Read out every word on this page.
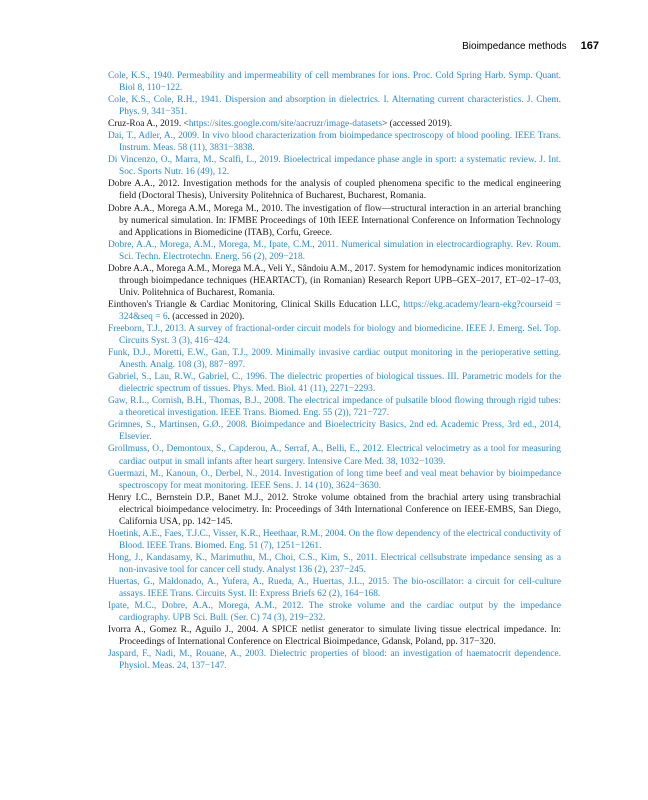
Bioimpedance methods 167

Cole, K.S., 1940. Permeability and impermeability of cell membranes for ions. Proc. Cold Spring Harb. Symp. Quant. Biol 8, 110−122.

Cole, K.S., Cole, R.H., 1941. Dispersion and absorption in dielectrics. I. Alternating current characteristics. J. Chem. Phys. 9, 341−351.

Cruz-Roa A., 2019. <https://sites.google.com/site/aacruzr/image-datasets> (accessed 2019).

Dai, T., Adler, A., 2009. In vivo blood characterization from bioimpedance spectroscopy of blood pooling. IEEE Trans. Instrum. Meas. 58 (11), 3831−3838.

Di Vincenzo, O., Marra, M., Scalfi, L., 2019. Bioelectrical impedance phase angle in sport: a systematic review. J. Int. Soc. Sports Nutr. 16 (49), 12.

Dobre A.A., 2012. Investigation methods for the analysis of coupled phenomena specific to the medical engineering field (Doctoral Thesis), University Politehnica of Bucharest, Bucharest, Romania.

Dobre A.A., Morega A.M., Morega M., 2010. The investigation of flow—structural interaction in an arterial branching by numerical simulation. In: IFMBE Proceedings of 10th IEEE International Conference on Information Technology and Applications in Biomedicine (ITAB), Corfu, Greece.

Dobre, A.A., Morega, A.M., Morega, M., Ipate, C.M., 2011. Numerical simulation in electrocardiography. Rev. Roum. Sci. Techn. Electrotechn. Energ. 56 (2), 209−218.

Dobre A.A., Morega A.M., Morega M.A., Veli Y., Sândoiu A.M., 2017. System for hemodynamic indices monitorization through bioimpedance techniques (HEARTACT), (in Romanian) Research Report UPB–GEX–2017, ET–02–17–03, Univ. Politehnica of Bucharest, Romania.

Einthoven's Triangle & Cardiac Monitoring, Clinical Skills Education LLC, https://ekg.academy/learn-ekg?courseid = 324&seq = 6. (accessed in 2020).

Freeborn, T.J., 2013. A survey of fractional-order circuit models for biology and biomedicine. IEEE J. Emerg. Sel. Top. Circuits Syst. 3 (3), 416−424.

Funk, D.J., Moretti, E.W., Gan, T.J., 2009. Minimally invasive cardiac output monitoring in the perioperative setting. Anesth. Analg. 108 (3), 887−897.

Gabriel, S., Lau, R.W., Gabriel, C., 1996. The dielectric properties of biological tissues. III. Parametric models for the dielectric spectrum of tissues. Phys. Med. Biol. 41 (11), 2271−2293.

Gaw, R.L., Cornish, B.H., Thomas, B.J., 2008. The electrical impedance of pulsatile blood flowing through rigid tubes: a theoretical investigation. IEEE Trans. Biomed. Eng. 55 (2)), 721−727.

Grimnes, S., Martinsen, G.Ø., 2008. Bioimpedance and Bioelectricity Basics, 2nd ed. Academic Press, 3rd ed., 2014, Elsevier.

Grollmuss, O., Demontoux, S., Capderou, A., Serraf, A., Belli, E., 2012. Electrical velocimetry as a tool for measuring cardiac output in small infants after heart surgery. Intensive Care Med. 38, 1032−1039.

Guermazi, M., Kanoun, O., Derbel, N., 2014. Investigation of long time beef and veal meat behavior by bioimpedance spectroscopy for meat monitoring. IEEE Sens. J. 14 (10), 3624−3630.

Henry I.C., Bernstein D.P., Banet M.J., 2012. Stroke volume obtained from the brachial artery using transbrachial electrical bioimpedance velocimetry. In: Proceedings of 34th International Conference on IEEE-EMBS, San Diego, California USA, pp. 142−145.

Hoetink, A.E., Faes, T.J.C., Visser, K.R., Heethaar, R.M., 2004. On the flow dependency of the electrical conductivity of Blood. IEEE Trans. Biomed. Eng. 51 (7), 1251−1261.

Hong, J., Kandasamy, K., Marimuthu, M., Choi, C.S., Kim, S., 2011. Electrical cellsubstrate impedance sensing as a non-invasive tool for cancer cell study. Analyst 136 (2), 237−245.

Huertas, G., Maldonado, A., Yufera, A., Rueda, A., Huertas, J.L., 2015. The bio-oscillator: a circuit for cell-culture assays. IEEE Trans. Circuits Syst. II: Express Briefs 62 (2), 164−168.

Ipate, M.C., Dobre, A.A., Morega, A.M., 2012. The stroke volume and the cardiac output by the impedance cardiography. UPB Sci. Bull. (Ser. C) 74 (3), 219−232.

Ivorra A., Gomez R., Aguilo J., 2004. A SPICE netlist generator to simulate living tissue electrical impedance. In: Proceedings of International Conference on Electrical Bioimpedance, Gdansk, Poland, pp. 317−320.

Jaspard, F., Nadi, M., Rouane, A., 2003. Dielectric properties of blood: an investigation of haematocrit dependence. Physiol. Meas. 24, 137−147.
